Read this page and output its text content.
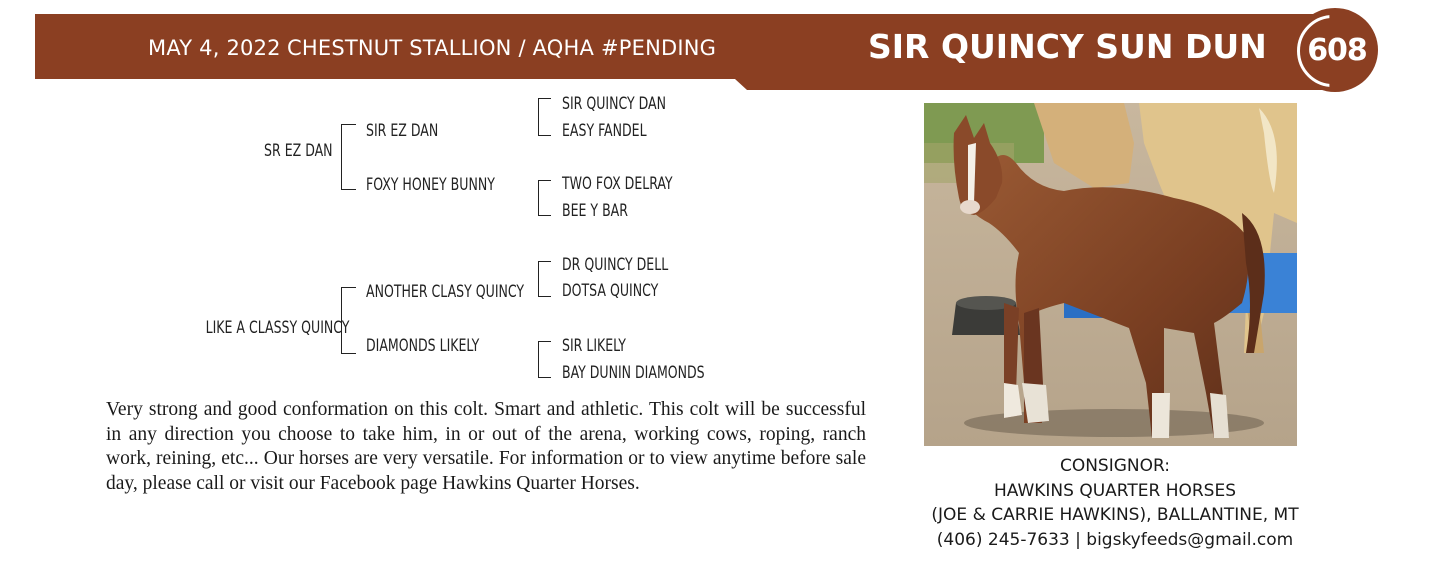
MAY 4, 2022 CHESTNUT STALLION / AQHA #PENDING	SIR QUINCY SUN DUN 608
SR EZ DAN
LIKE A CLASSY QUINCY
SIR EZ DAN
FOXY HONEY BUNNY
ANOTHER CLASY QUINCY
DIAMONDS LIKELY
SIR QUINCY DAN
EASY FANDEL
TWO FOX DELRAY
BEE Y BAR
DR QUINCY DELL
DOTSA QUINCY
SIR LIKELY
BAY DUNIN DIAMONDS
Very strong and good conformation on this colt. Smart and athletic. This colt will be successful in any direction you choose to take him, in or out of the arena, working cows, roping, ranch work, reining, etc... Our horses are very versatile. For information or to view anytime before sale day, please call or visit our Facebook page Hawkins Quarter Horses.
CONSIGNOR:
HAWKINS QUARTER HORSES
(JOE & CARRIE HAWKINS), BALLANTINE, MT
(406) 245-7633 | bigskyfeeds@gmail.com
